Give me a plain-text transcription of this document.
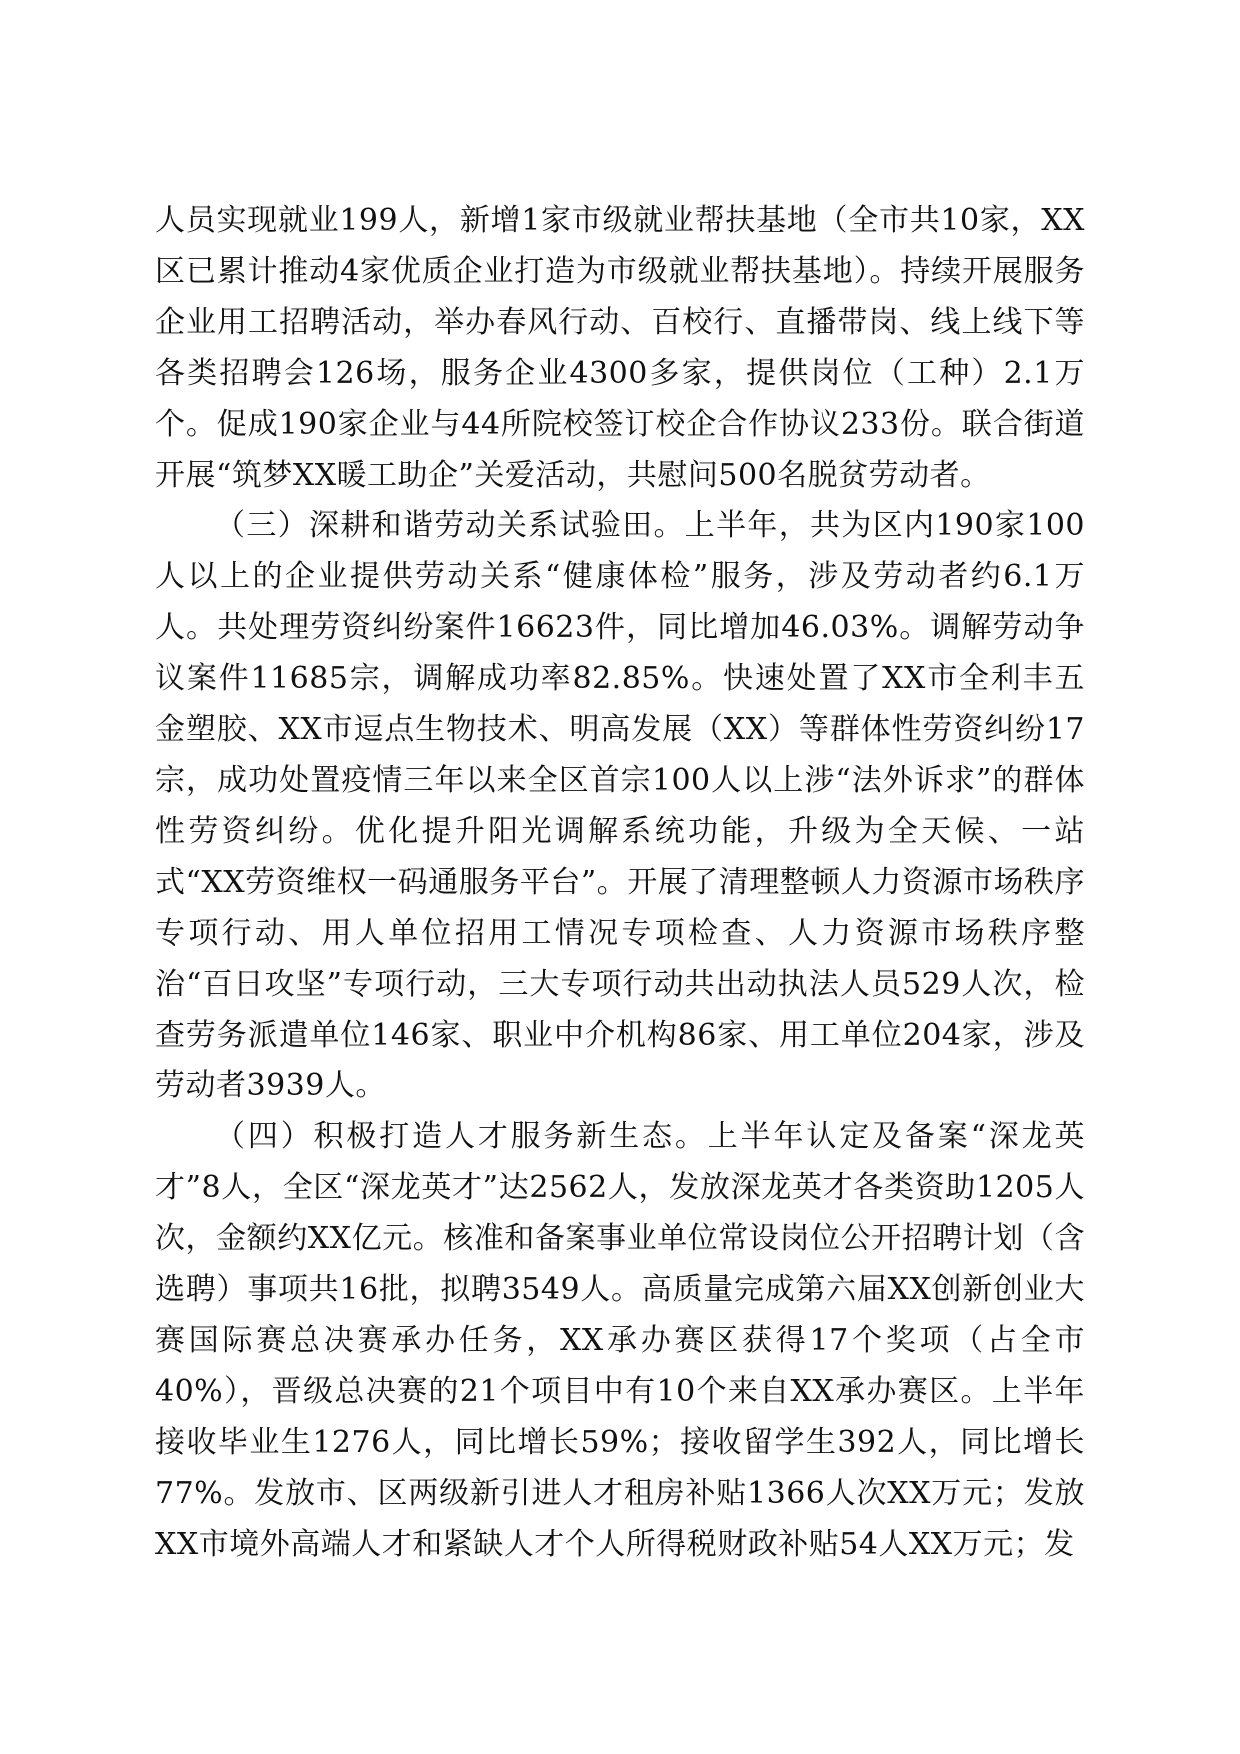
人员实现就业199人，新增1家市级就业帮扶基地（全市共10家，XX区已累计推动4家优质企业打造为市级就业帮扶基地）。持续开展服务企业用工招聘活动，举办春风行动、百校行、直播带岗、线上线下等各类招聘会126场，服务企业4300多家，提供岗位（工种）2.1万个。促成190家企业与44所院校签订校企合作协议233份。联合街道开展“筑梦XX暖工助企”关爱活动，共慰问500名脱贫劳动者。

（三）深耕和谐劳动关系试验田。上半年，共为区内190家100人以上的企业提供劳动关系“健康体检”服务，涉及劳动者约6.1万人。共处理劳资纠纷案件16623件，同比增加46.03%。调解劳动争议案件11685宗，调解成功率82.85%。快速处置了XX市全利丰五金塑胶、XX市逗点生物技术、明高发展（XX）等群体性劳资纠纷17宗，成功处置疫情三年以来全区首宗100人以上涉“法外诉求”的群体性劳资纠纷。优化提升阳光调解系统功能，升级为全天候、一站式“XX劳资维权一码通服务平台”。开展了清理整顿人力资源市场秩序专项行动、用人单位招用工情况专项检查、人力资源市场秩序整治“百日攻坚”专项行动，三大专项行动共出动执法人员529人次，检查劳务派遣单位146家、职业中介机构86家、用工单位204家，涉及劳动者3939人。

（四）积极打造人才服务新生态。上半年认定及备案“深龙英才”8人，全区“深龙英才”达2562人，发放深龙英才各类资助1205人次，金额约XX亿元。核准和备案事业单位常设岗位公开招聘计划（含选聘）事项共16批，拟聘3549人。高质量完成第六届XX创新创业大赛国际赛总决赛承办任务，XX承办赛区获得17个奖项（占全市40%），晋级总决赛的21个项目中有10个来自XX承办赛区。上半年接收毕业生1276人，同比增长59%；接收留学生392人，同比增长77%。发放市、区两级新引进人才租房补贴1366人次XX万元；发放XX市境外高端人才和紧缺人才个人所得税财政补贴54人XX万元；发
